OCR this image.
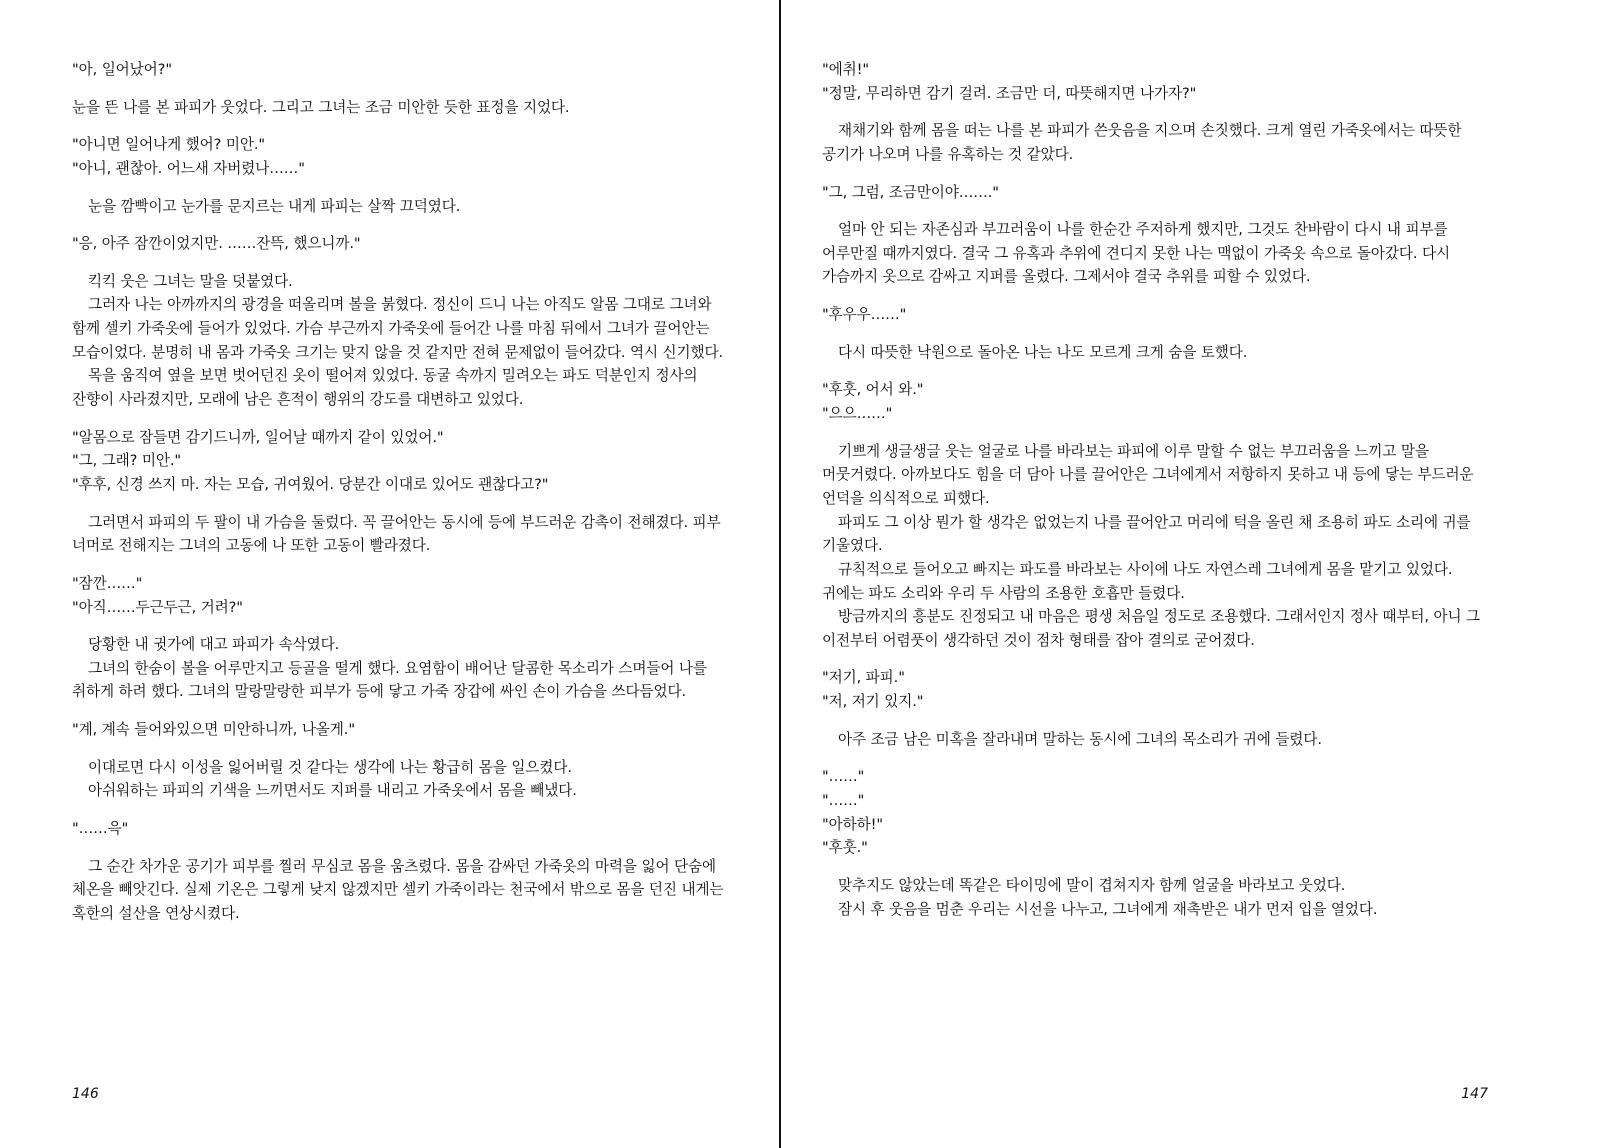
"아, 일어났어?"
눈을 뜬 나를 본 파피가 웃었다. 그리고 그녀는 조금 미안한 듯한 표정을 지었다.
"아니면 일어나게 했어? 미안."
"아니, 괜찮아. 어느새 자버렸나……"
눈을 깜빡이고 눈가를 문지르는 내게 파피는 살짝 끄덕였다.
"응, 아주 잠깐이었지만. ……잔뜩, 했으니까."
킥킥 웃은 그녀는 말을 덧붙였다.
그러자 나는 아까까지의 광경을 떠올리며 볼을 붉혔다. 정신이 드니 나는 아직도 알몸 그대로 그녀와 함께 셀키 가죽옷에 들어가 있었다. 가슴 부근까지 가죽옷에 들어간 나를 마침 뒤에서 그녀가 끌어안는 모습이었다. 분명히 내 몸과 가죽옷 크기는 맞지 않을 것 같지만 전혀 문제없이 들어갔다. 역시 신기했다.
목을 움직여 옆을 보면 벗어던진 옷이 떨어져 있었다. 동굴 속까지 밀려오는 파도 덕분인지 정사의 잔향이 사라졌지만, 모래에 남은 흔적이 행위의 강도를 대변하고 있었다.
"알몸으로 잠들면 감기드니까, 일어날 때까지 같이 있었어."
"그, 그래? 미안."
"후후, 신경 쓰지 마. 자는 모습, 귀여웠어. 당분간 이대로 있어도 괜찮다고?"
그러면서 파피의 두 팔이 내 가슴을 둘렀다. 꼭 끌어안는 동시에 등에 부드러운 감촉이 전해졌다. 피부 너머로 전해지는 그녀의 고동에 나 또한 고동이 빨라졌다.
"잠깐……"
"아직……두근두근, 거려?"
당황한 내 귓가에 대고 파피가 속삭였다.
그녀의 한숨이 볼을 어루만지고 등골을 떨게 했다. 요염함이 배어난 달콤한 목소리가 스며들어 나를 취하게 하려 했다. 그녀의 말랑말랑한 피부가 등에 닿고 가죽 장갑에 싸인 손이 가슴을 쓰다듬었다.
"계, 계속 들어와있으면 미안하니까, 나올게."
이대로면 다시 이성을 잃어버릴 것 같다는 생각에 나는 황급히 몸을 일으켰다.
아쉬워하는 파피의 기색을 느끼면서도 지퍼를 내리고 가죽옷에서 몸을 빼냈다.
"……윽"
그 순간 차가운 공기가 피부를 찔러 무심코 몸을 움츠렸다. 몸을 감싸던 가죽옷의 마력을 잃어 단숨에 체온을 빼앗긴다. 실제 기온은 그렇게 낮지 않겠지만 셀키 가죽이라는 천국에서 밖으로 몸을 던진 내게는 혹한의 설산을 연상시켰다.
146
"에취!"
"정말, 무리하면 감기 걸려. 조금만 더, 따뜻해지면 나가자?"
재채기와 함께 몸을 떠는 나를 본 파피가 쓴웃음을 지으며 손짓했다. 크게 열린 가죽옷에서는 따뜻한 공기가 나오며 나를 유혹하는 것 같았다.
"그, 그럼, 조금만이야……."
얼마 안 되는 자존심과 부끄러움이 나를 한순간 주저하게 했지만, 그것도 찬바람이 다시 내 피부를 어루만질 때까지였다. 결국 그 유혹과 추위에 견디지 못한 나는 맥없이 가죽옷 속으로 돌아갔다. 다시 가슴까지 옷으로 감싸고 지퍼를 올렸다. 그제서야 결국 추위를 피할 수 있었다.
"후우우……"
다시 따뜻한 낙원으로 돌아온 나는 나도 모르게 크게 숨을 토했다.
"후훗, 어서 와."
"으으……"
기쁘게 생글생글 웃는 얼굴로 나를 바라보는 파피에 이루 말할 수 없는 부끄러움을 느끼고 말을 머뭇거렸다. 아까보다도 힘을 더 담아 나를 끌어안은 그녀에게서 저항하지 못하고 내 등에 닿는 부드러운 언덕을 의식적으로 피했다.
파피도 그 이상 뭔가 할 생각은 없었는지 나를 끌어안고 머리에 턱을 올린 채 조용히 파도 소리에 귀를 기울였다.
규칙적으로 들어오고 빠지는 파도를 바라보는 사이에 나도 자연스레 그녀에게 몸을 맡기고 있었다. 귀에는 파도 소리와 우리 두 사람의 조용한 호흡만 들렸다.
방금까지의 흥분도 진정되고 내 마음은 평생 처음일 정도로 조용했다. 그래서인지 정사 때부터, 아니 그 이전부터 어렴풋이 생각하던 것이 점차 형태를 잡아 결의로 굳어졌다.
"저기, 파피."
"저, 저기 있지."
아주 조금 남은 미혹을 잘라내며 말하는 동시에 그녀의 목소리가 귀에 들렸다.
"……"
"……"
"아하하!"
"후훗."
맞추지도 않았는데 똑같은 타이밍에 말이 겹쳐지자 함께 얼굴을 바라보고 웃었다.
잠시 후 웃음을 멈춘 우리는 시선을 나누고, 그녀에게 재촉받은 내가 먼저 입을 열었다.
147
